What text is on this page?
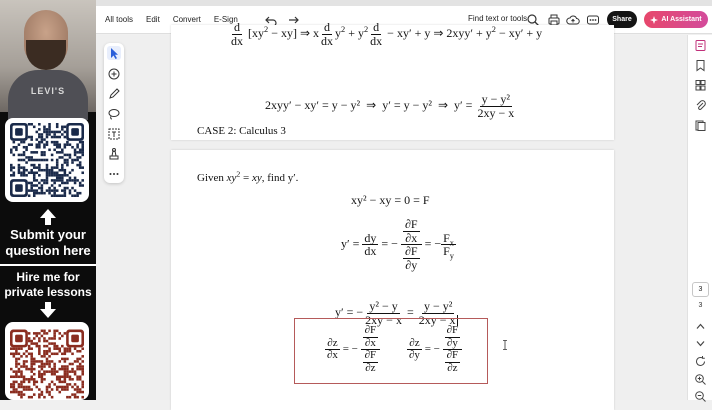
LEVI'S
Submit your question here
Hire me for private lessons
All tools Edit Convert E-Sign	Find text or tools	Share	AI Assistant
$\frac{d}{dx} [xy^2 - xy]$ ⇒ x $\frac{d}{dx} y^2 + y^2 \frac{d}{dx} - xy' + y$ ⇒ $2xyy' + y^2 - xy' + y$
2xyy′ − xy′ = y − y²  ⇒  y′ = y − y²  ⇒  $y' = \frac{\text{y − y²}}{2xy - x}$
CASE 2: Calculus 3
Given $xy^2$ = xy, find y′.
xy² − xy = 0 = F
$y' = \frac{dy}{dx}$ = − $\frac{\frac{\partial F}{\partial x}}{\frac{\partial F}{\partial y}}$ = − $\frac{F_x}{F_y}$
y′ = − $\frac{\text{y² − y}}{2xy - x} = \frac{\text{y − y²}}{2xy - x}$
$\frac{\partial z}{\partial x}$ = − $\frac{\frac{\partial F}{\partial x}}{\frac{\partial F}{\partial z}} \frac{\partial z}{\partial y}$ = − $\frac{\frac{\partial F}{\partial y}}{\frac{\partial F}{\partial z}}$
3
3
